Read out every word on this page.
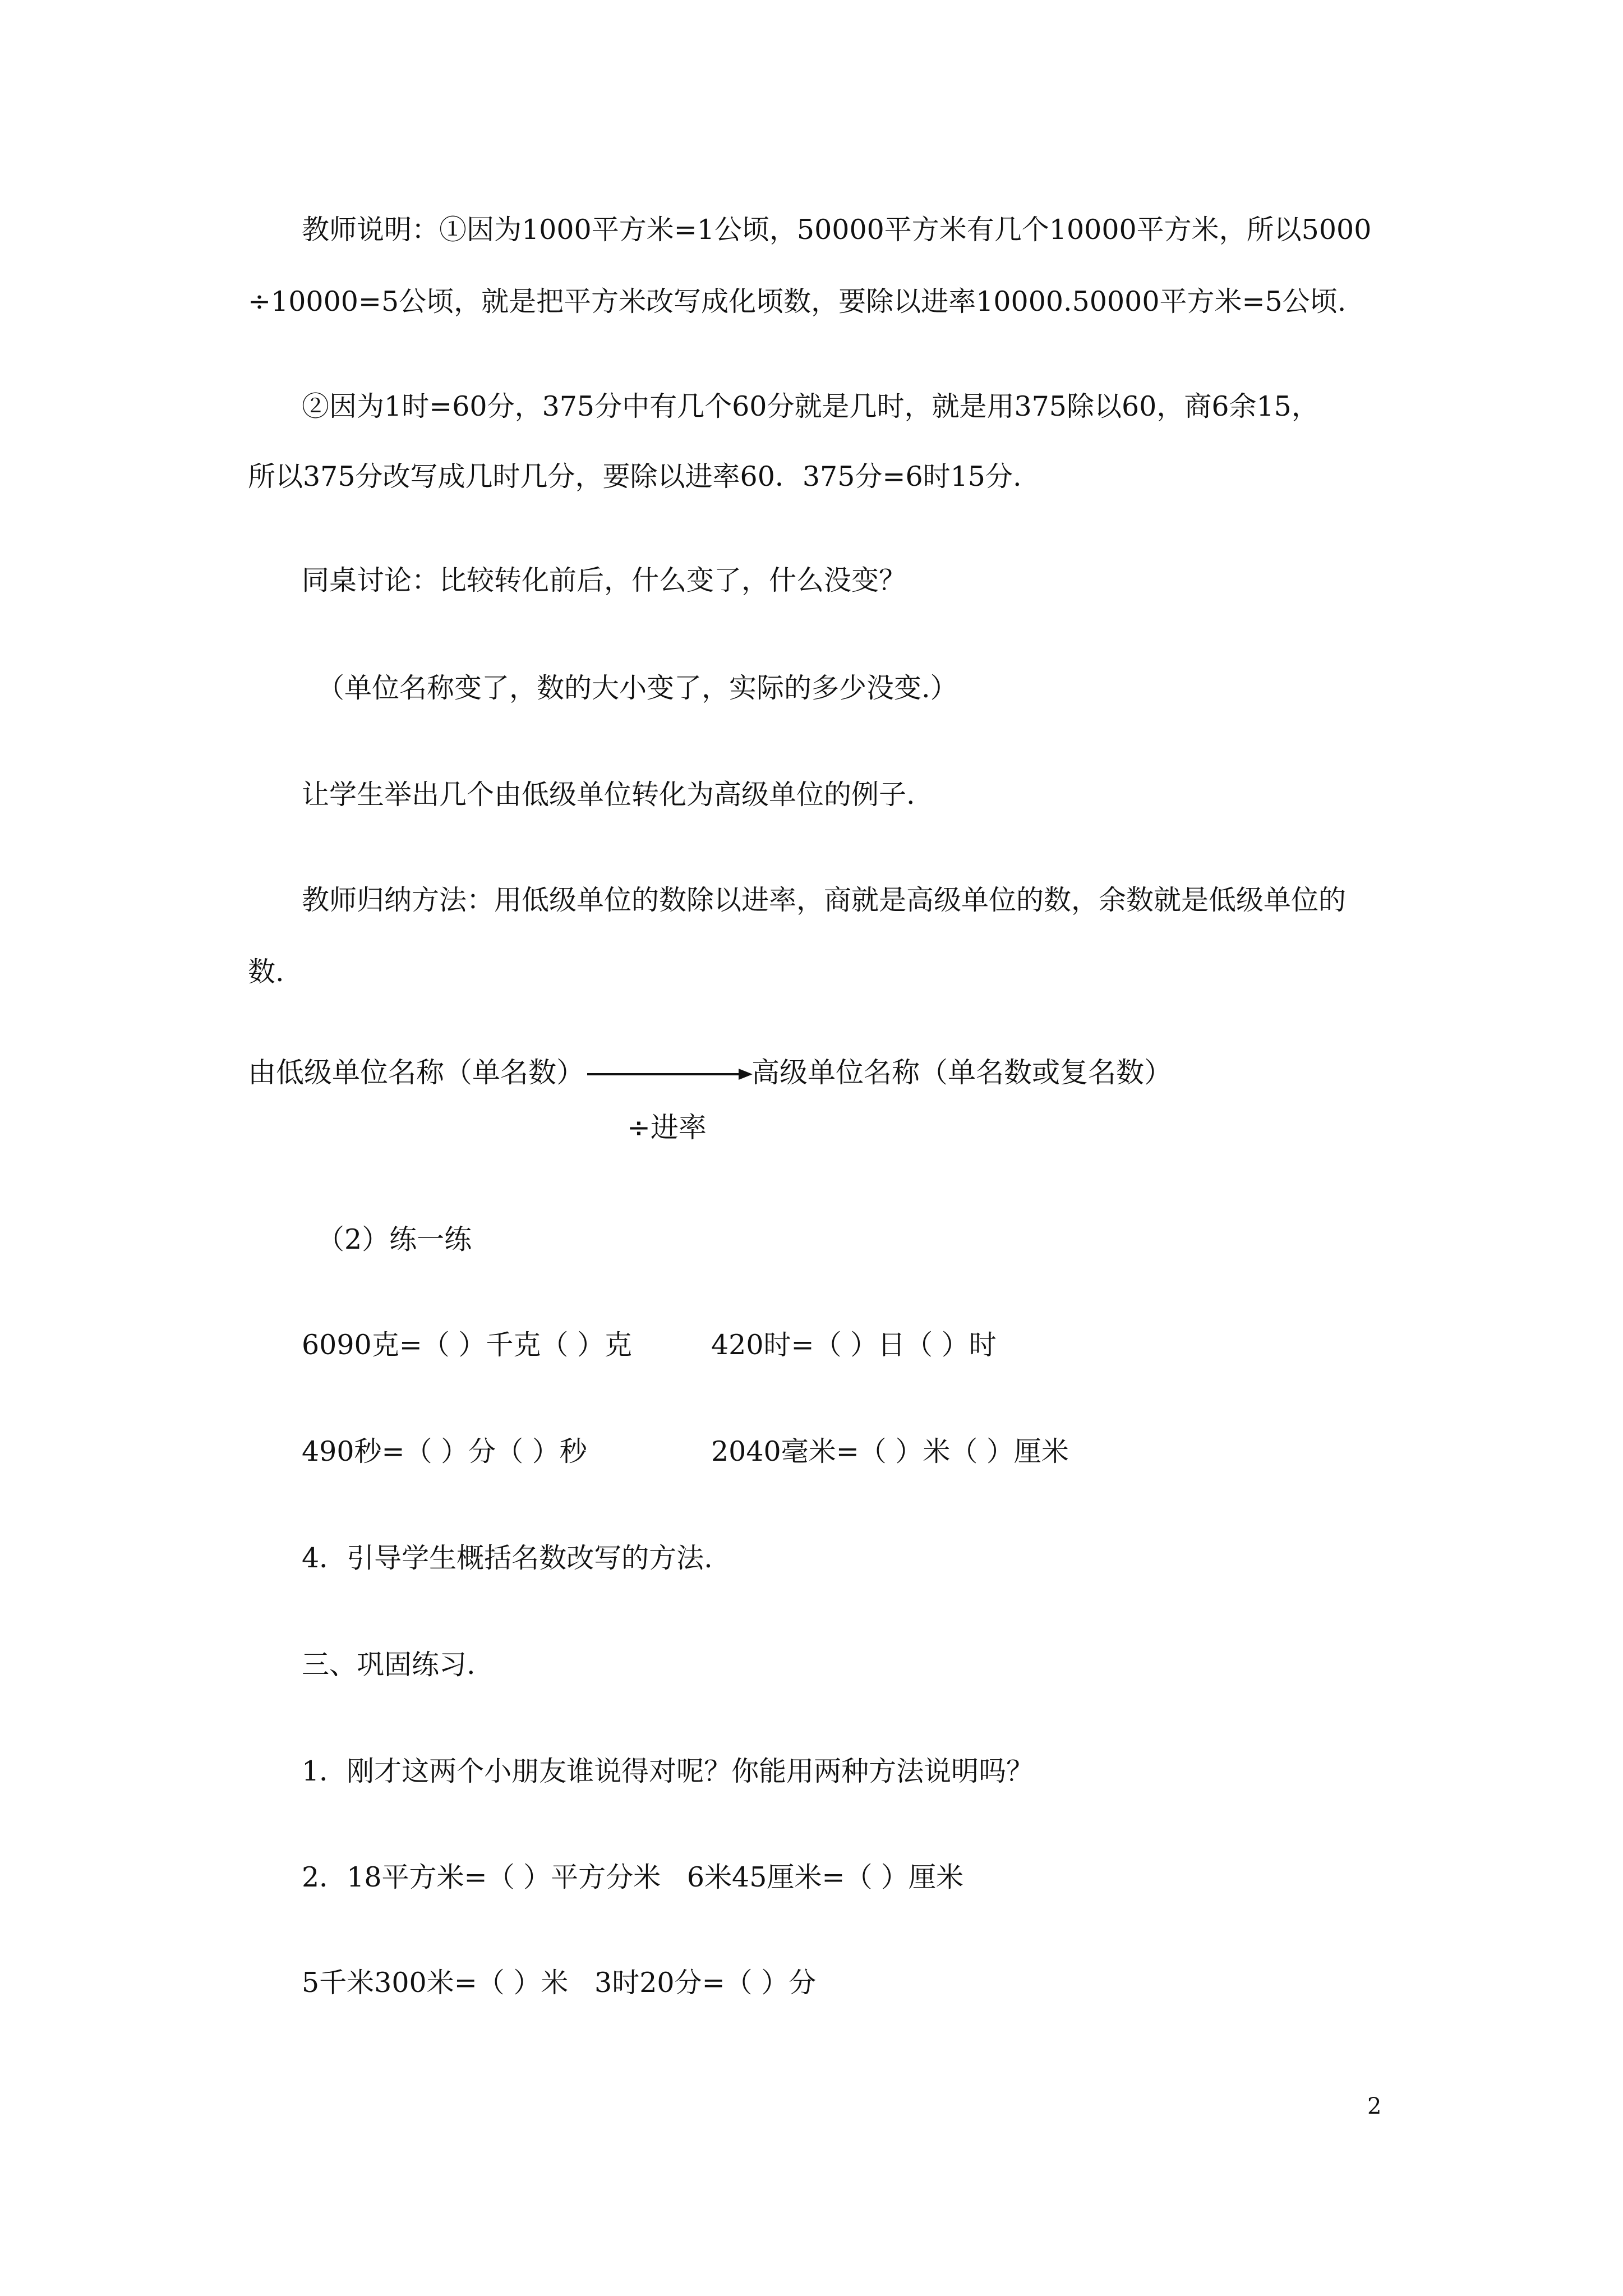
教师说明：①因为1000平方米=1公顷，50000平方米有几个10000平方米，所以5000
÷10000=5公顷，就是把平方米改写成化顷数，要除以进率10000.50000平方米=5公顷.
②因为1时=60分，375分中有几个60分就是几时，就是用375除以60，商6余15，
所以375分改写成几时几分，要除以进率60．375分=6时15分.
同桌讨论：比较转化前后，什么变了，什么没变？
（单位名称变了，数的大小变了，实际的多少没变.）
让学生举出几个由低级单位转化为高级单位的例子.
教师归纳方法：用低级单位的数除以进率，商就是高级单位的数，余数就是低级单位的
数.
由低级单位名称（单名数）	高级单位名称（单名数或复名数）
÷进率
（2）练一练
6090克=（ ）千克（ ）克	420时=（ ）日（ ）时
490秒=（ ）分（ ）秒	2040毫米=（ ）米（ ）厘米
4．引导学生概括名数改写的方法.
三、巩固练习.
1．刚才这两个小朋友谁说得对呢？你能用两种方法说明吗？
2．18平方米=（ ）平方分米   6米45厘米=（ ）厘米
5千米300米=（ ）米   3时20分=（ ）分
2
